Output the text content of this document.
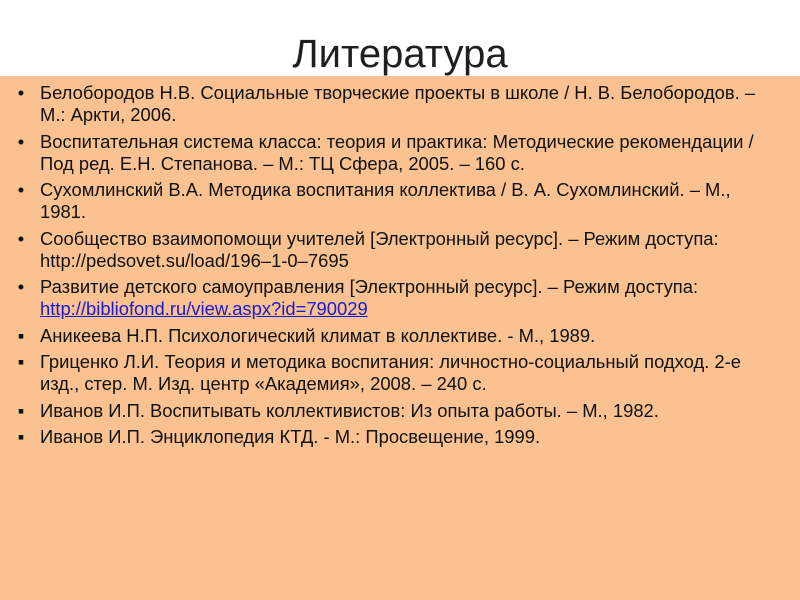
Литература
• Белобородов Н.В. Социальные творческие проекты в школе / Н. В. Белобородов. – М.: Аркти, 2006.
• Воспитательная система класса: теория и практика: Методические рекомендации / Под ред. Е.Н. Степанова. – М.: ТЦ Сфера, 2005. – 160 с.
• Сухомлинский В.А. Методика воспитания коллектива / В. А. Сухомлинский. – М., 1981.
• Сообщество взаимопомощи учителей [Электронный ресурс]. – Режим доступа: http://pedsovet.su/load/196–1-0–7695
• Развитие детского самоуправления [Электронный ресурс]. – Режим доступа: http://bibliofond.ru/view.aspx?id=790029
▪ Аникеева Н.П. Психологический климат в коллективе. - М., 1989.
▪ Гриценко Л.И. Теория и методика воспитания: личностно-социальный подход. 2-е изд., стер. М. Изд. центр «Академия», 2008. – 240 с.
▪ Иванов И.П. Воспитывать коллективистов: Из опыта работы. – М., 1982.
▪ Иванов И.П. Энциклопедия КТД. - М.: Просвещение, 1999.
